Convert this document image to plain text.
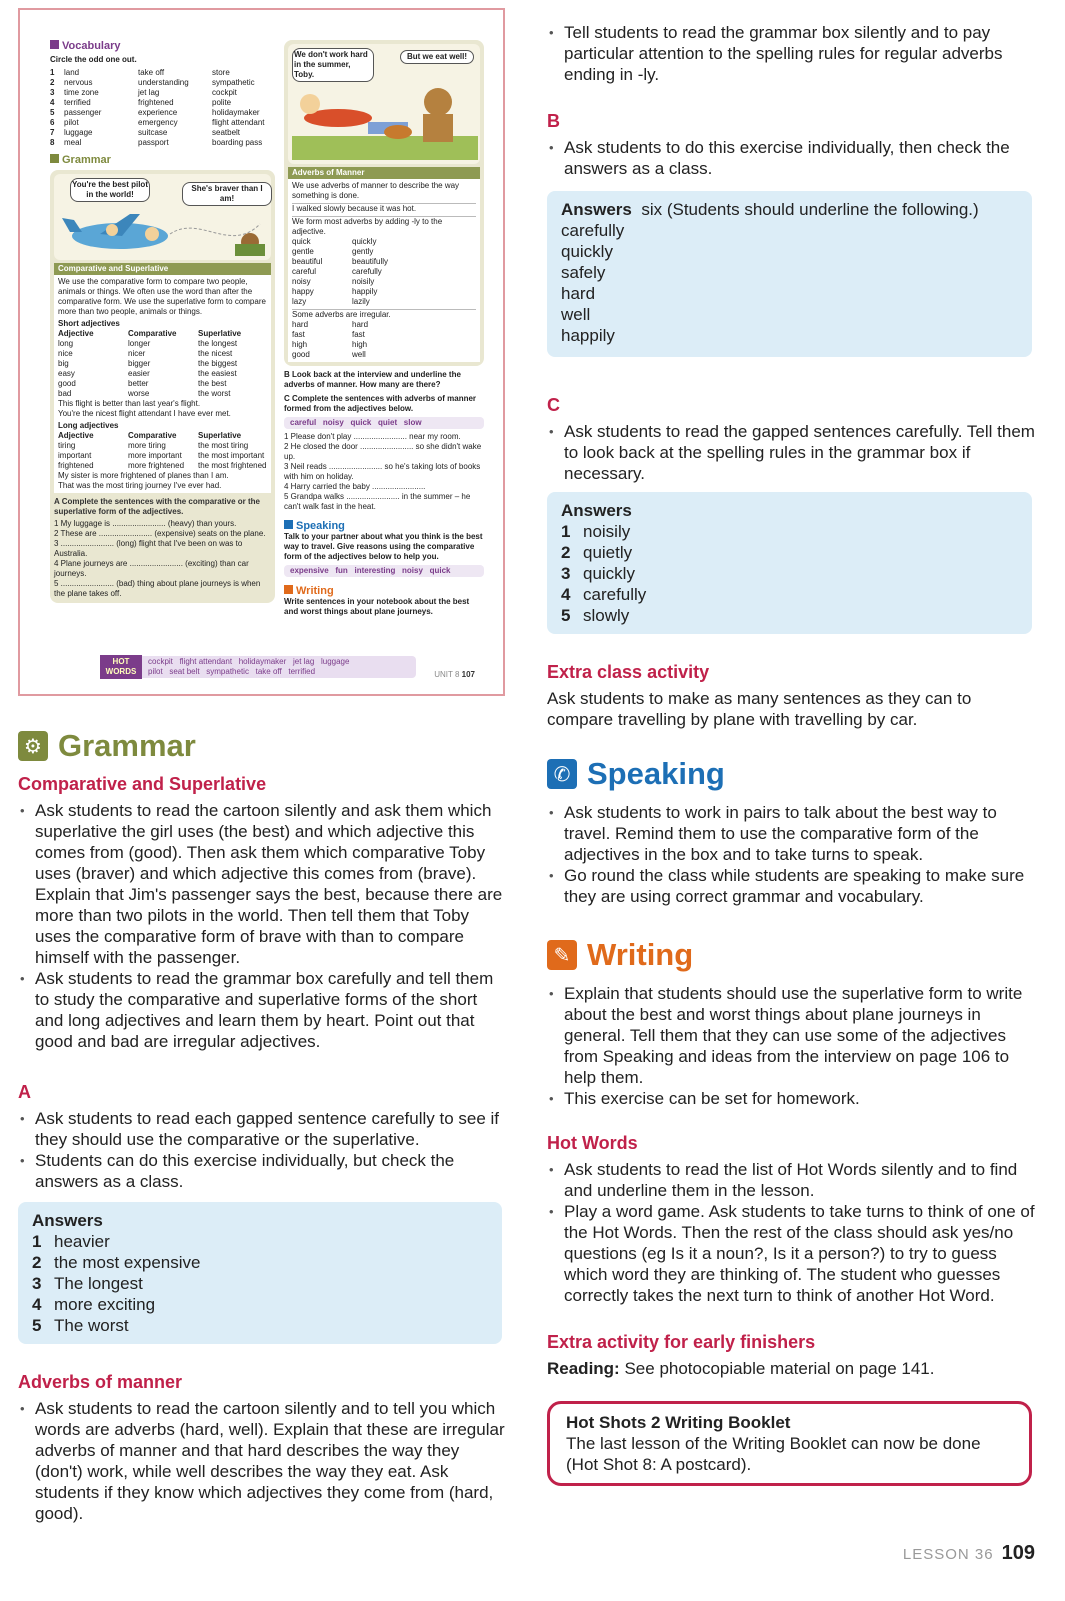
Vocabulary
Circle the odd one out.
1	land	take off	store
2	nervous	understanding	sympathetic
3	time zone	jet lag	cockpit
4	terrified	frightened	polite
5	passenger	experience	holidaymaker
6	pilot	emergency	flight attendant
7	luggage	suitcase	seatbelt
8	meal	passport	boarding pass
Grammar
You're the best pilot in the world!
She's braver than I am!
Comparative and Superlative
We use the comparative form to compare two people, animals or things. We often use the word than after the comparative form. We use the superlative form to compare more than two people, animals or things.
Short adjectives
Adjective	Comparative	Superlative
long	longer	the longest
nice	nicer	the nicest
big	bigger	the biggest
easy	easier	the easiest
good	better	the best
bad	worse	the worst
This flight is better than last year's flight.
You're the nicest flight attendant I have ever met.
Long adjectives
Adjective	Comparative	Superlative
tiring	more tiring	the most tiring
important	more important	the most important
frightened	more frightened	the most frightened
My sister is more frightened of planes than I am.
That was the most tiring journey I've ever had.
A Complete the sentences with the comparative or the superlative form of the adjectives.
1 My luggage is ........................ (heavy) than yours.
2 These are ........................ (expensive) seats on the plane.
3 ........................ (long) flight that I've been on was to Australia.
4 Plane journeys are ........................ (exciting) than car journeys.
5 ........................ (bad) thing about plane journeys is when the plane takes off.
We don't work hard in the summer, Toby.
But we eat well!
Adverbs of Manner
We use adverbs of manner to describe the way something is done.
I walked slowly because it was hot.
We form most adverbs by adding -ly to the adjective.
quick	quickly
gentle	gently
beautiful	beautifully
careful	carefully
noisy	noisily
happy	happily
lazy	lazily
Some adverbs are irregular.
hard	hard
fast	fast
high	high
good	well
B Look back at the interview and underline the adverbs of manner. How many are there?
C Complete the sentences with adverbs of manner formed from the adjectives below.
careful   noisy   quick   quiet   slow
1 Please don't play ........................ near my room.
2 He closed the door ........................ so she didn't wake up.
3 Neil reads ........................ so he's taking lots of books with him on holiday.
4 Harry carried the baby ........................
5 Grandpa walks ........................ in the summer – he can't walk fast in the heat.
Speaking
Talk to your partner about what you think is the best way to travel. Give reasons using the comparative form of the adjectives below to help you.
expensive   fun   interesting   noisy   quick
Writing
Write sentences in your notebook about the best and worst things about plane journeys.
HOT WORDS
cockpit   flight attendant   holidaymaker   jet lag   luggage
pilot   seat belt   sympathetic   take off   terrified	UNIT 8 107
⚙ Grammar
Comparative and Superlative
• Ask students to read the cartoon silently and ask them which superlative the girl uses (the best) and which adjective this comes from (good). Then ask them which comparative Toby uses (braver) and which adjective this comes from (brave). Explain that Jim's passenger says the best, because there are more than two pilots in the world. Then tell them that Toby uses the comparative form of brave with than to compare himself with the passenger.
• Ask students to read the grammar box carefully and tell them to study the comparative and superlative forms of the short and long adjectives and learn them by heart. Point out that good and bad are irregular adjectives.
A
• Ask students to read each gapped sentence carefully to see if they should use the comparative or the superlative.
• Students can do this exercise individually, but check the answers as a class.
Answers
1 heavier
2 the most expensive
3 The longest
4 more exciting
5 The worst
Adverbs of manner
• Ask students to read the cartoon silently and to tell you which words are adverbs (hard, well). Explain that these are irregular adverbs of manner and that hard describes the way they (don't) work, while well describes the way they eat. Ask students if they know which adjectives they come from (hard, good).
• Tell students to read the grammar box silently and to pay particular attention to the spelling rules for regular adverbs ending in -ly.
B
• Ask students to do this exercise individually, then check the answers as a class.
Answers six (Students should underline the following.)
carefully
quickly
safely
hard
well
happily
C
• Ask students to read the gapped sentences carefully. Tell them to look back at the spelling rules in the grammar box if necessary.
Answers
1 noisily
2 quietly
3 quickly
4 carefully
5 slowly
Extra class activity
Ask students to make as many sentences as they can to compare travelling by plane with travelling by car.
✆ Speaking
• Ask students to work in pairs to talk about the best way to travel. Remind them to use the comparative form of the adjectives in the box and to take turns to speak.
• Go round the class while students are speaking to make sure they are using correct grammar and vocabulary.
✎ Writing
• Explain that students should use the superlative form to write about the best and worst things about plane journeys in general. Tell them that they can use some of the adjectives from Speaking and ideas from the interview on page 106 to help them.
• This exercise can be set for homework.
Hot Words
• Ask students to read the list of Hot Words silently and to find and underline them in the lesson.
• Play a word game. Ask students to take turns to think of one of the Hot Words. Then the rest of the class should ask yes/no questions (eg Is it a noun?, Is it a person?) to try to guess which word they are thinking of. The student who guesses correctly takes the next turn to think of another Hot Word.
Extra activity for early finishers
Reading: See photocopiable material on page 141.
Hot Shots 2 Writing Booklet
The last lesson of the Writing Booklet can now be done (Hot Shot 8: A postcard).
LESSON 36 109
